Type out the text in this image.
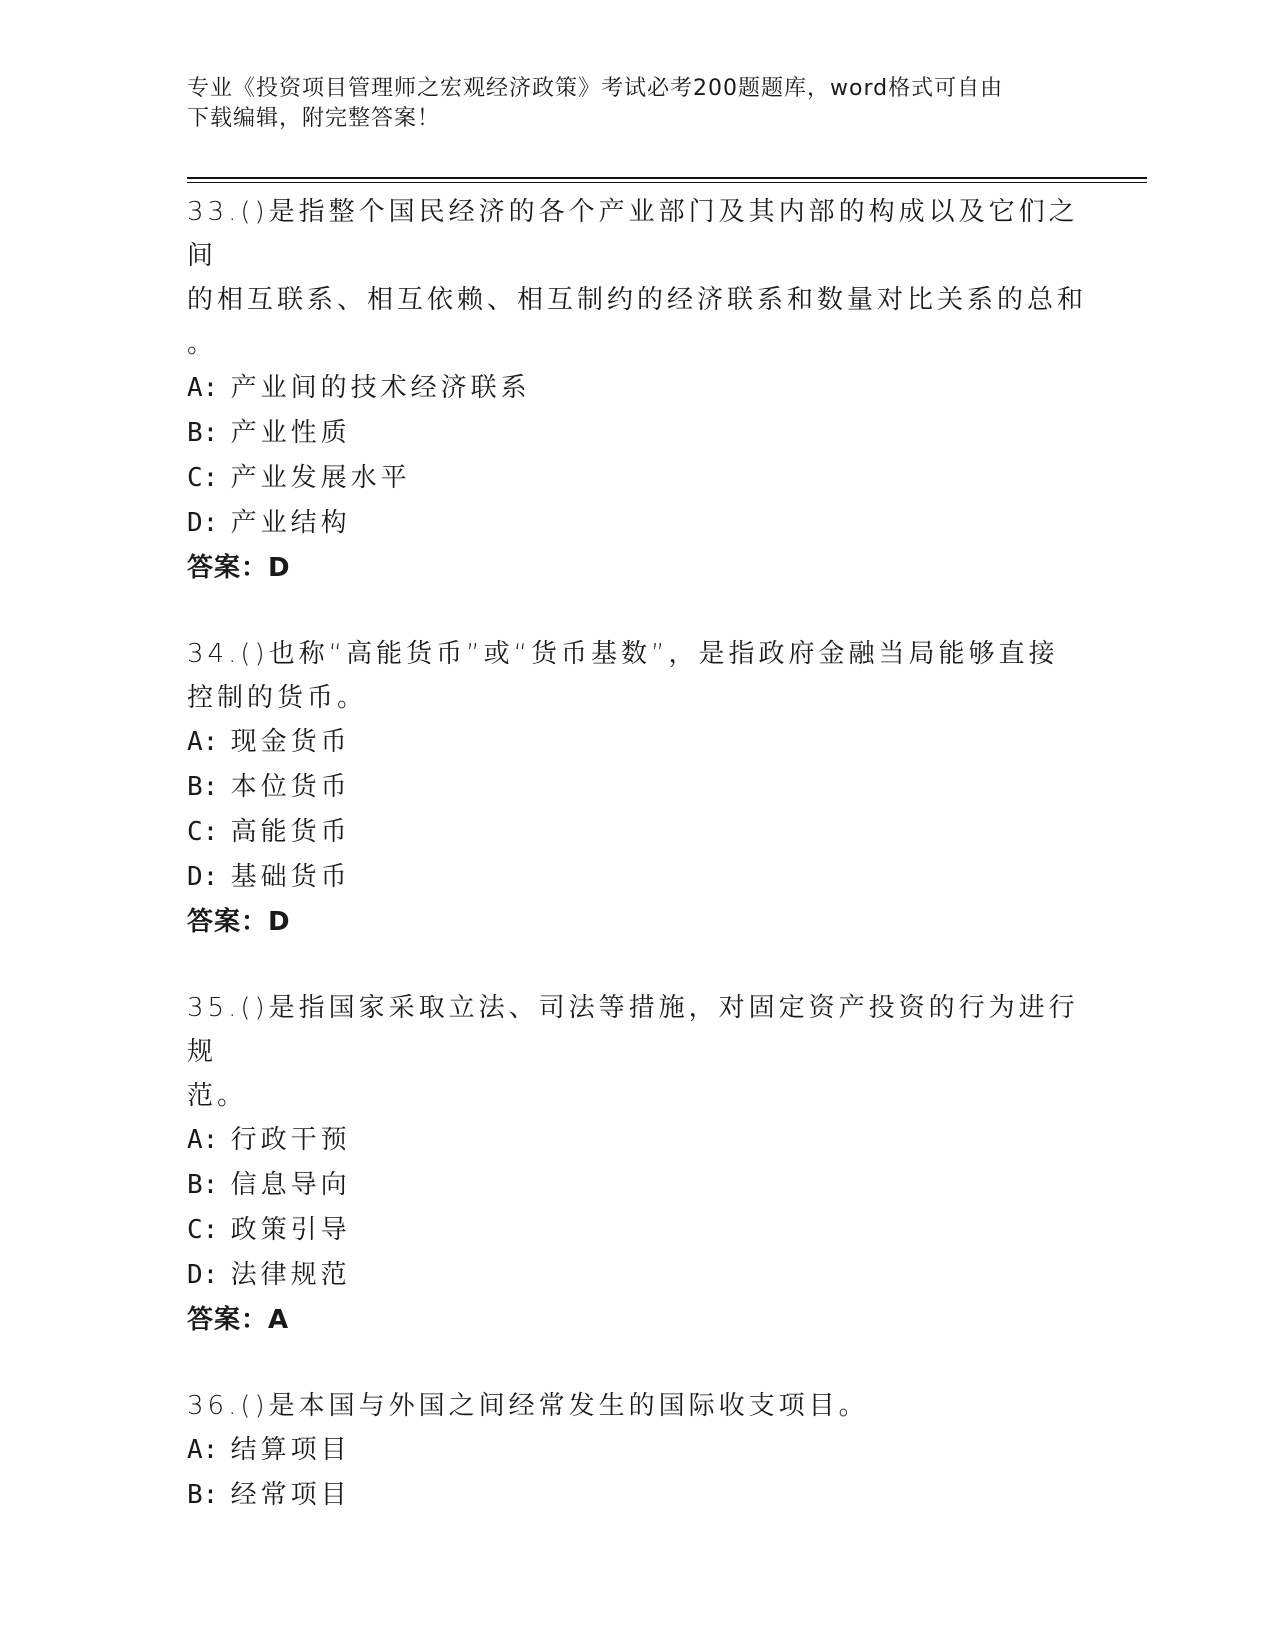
专业《投资项目管理师之宏观经济政策》考试必考200题题库，word格式可自由
下载编辑，附完整答案！

33.()是指整个国民经济的各个产业部门及其内部的构成以及它们之间

的相互联系、相互依赖、相互制约的经济联系和数量对比关系的总和

。

A: 产业间的技术经济联系

B: 产业性质

C: 产业发展水平

D: 产业结构

答案：D

34.()也称“高能货币”或“货币基数”，是指政府金融当局能够直接

控制的货币。

A: 现金货币

B: 本位货币

C: 高能货币

D: 基础货币

答案：D

35.()是指国家采取立法、司法等措施，对固定资产投资的行为进行规

范。

A: 行政干预

B: 信息导向

C: 政策引导

D: 法律规范

答案：A

36.()是本国与外国之间经常发生的国际收支项目。

A: 结算项目

B: 经常项目
